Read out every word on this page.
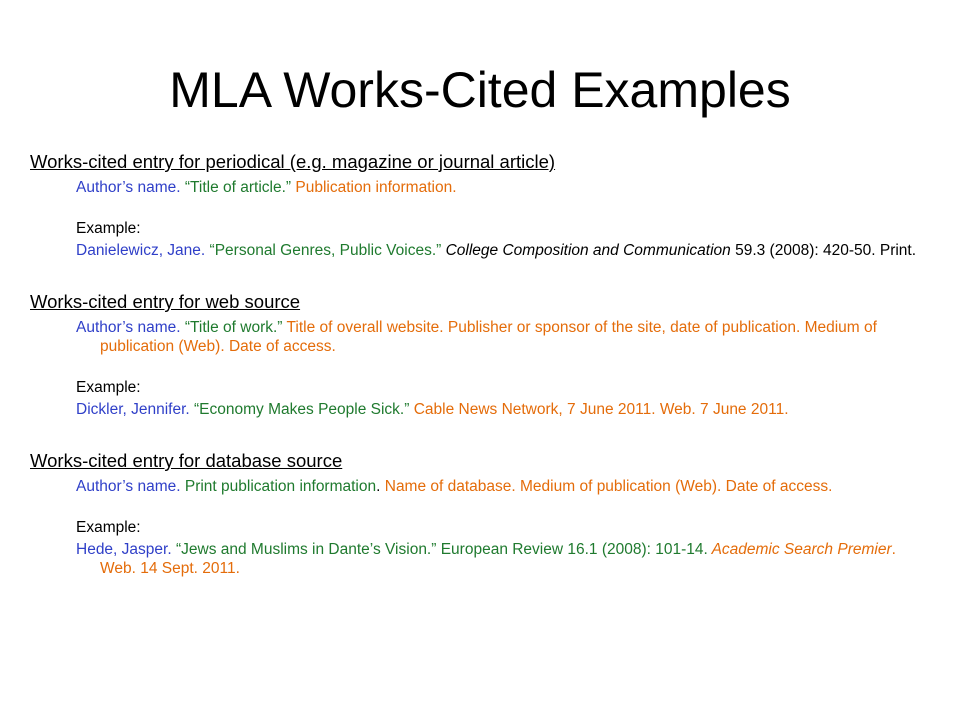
MLA Works-Cited Examples
Works-cited entry for periodical (e.g. magazine or journal article)
Author’s name. “Title of article.” Publication information.
Example:
Danielewicz, Jane. “Personal Genres, Public Voices.” College Composition and Communication 59.3 (2008): 420-50. Print.
Works-cited entry for web source
Author’s name. “Title of work.” Title of overall website. Publisher or sponsor of the site, date of publication. Medium of publication (Web). Date of access.
Example:
Dickler, Jennifer. “Economy Makes People Sick.” Cable News Network, 7 June 2011. Web. 7 June 2011.
Works-cited entry for database source
Author’s name. Print publication information. Name of database. Medium of publication (Web). Date of access.
Example:
Hede, Jasper. “Jews and Muslims in Dante’s Vision.” European Review 16.1 (2008): 101-14. Academic Search Premier. Web. 14 Sept. 2011.
